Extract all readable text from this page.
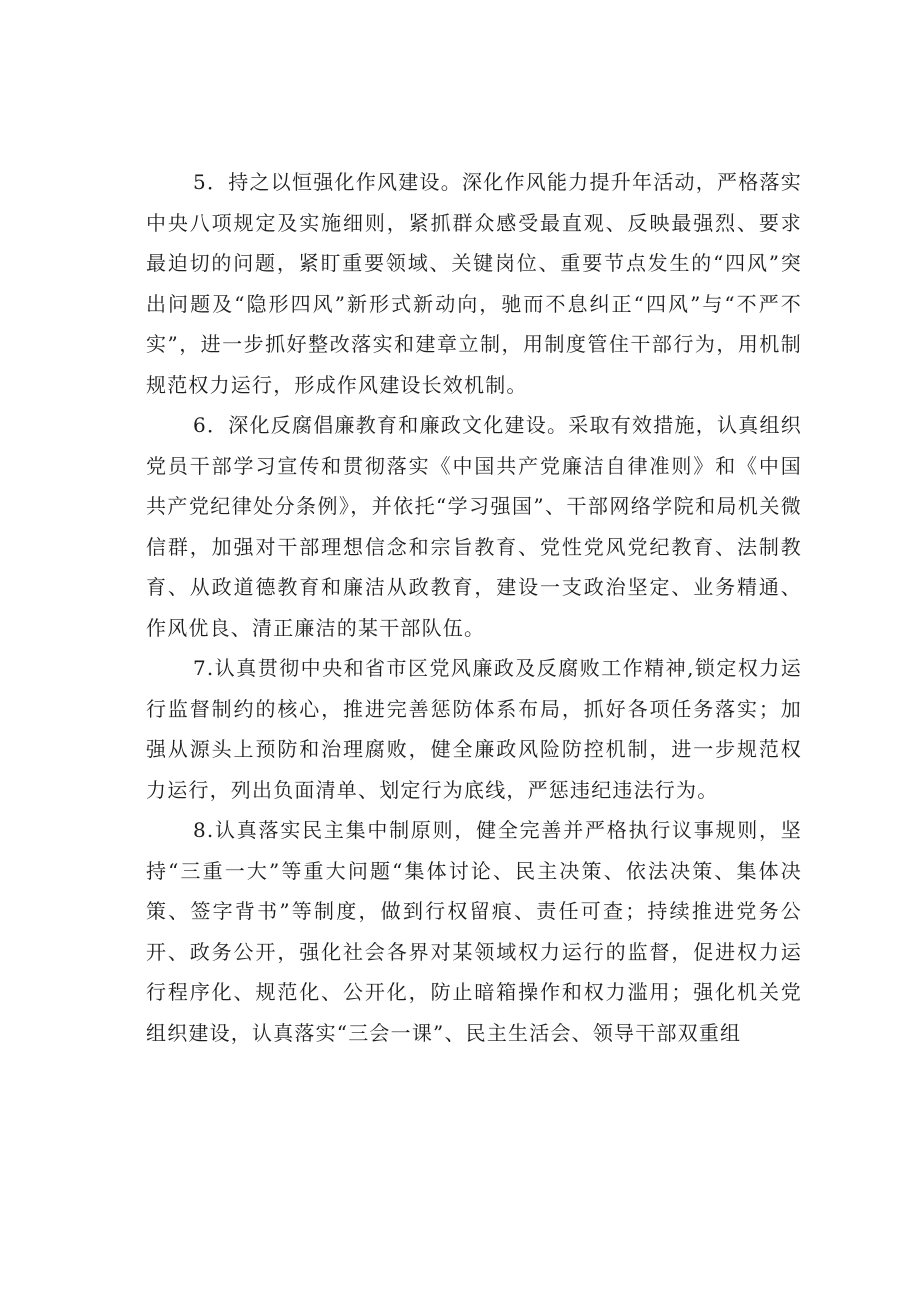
5．持之以恒强化作风建设。深化作风能力提升年活动，严格落实中央八项规定及实施细则，紧抓群众感受最直观、反映最强烈、要求最迫切的问题，紧盯重要领域、关键岗位、重要节点发生的“四风”突出问题及“隐形四风”新形式新动向，驰而不息纠正“四风”与“不严不实”，进一步抓好整改落实和建章立制，用制度管住干部行为，用机制规范权力运行，形成作风建设长效机制。

6．深化反腐倡廉教育和廉政文化建设。采取有效措施，认真组织党员干部学习宣传和贯彻落实《中国共产党廉洁自律准则》和《中国共产党纪律处分条例》，并依托“学习强国”、干部网络学院和局机关微信群，加强对干部理想信念和宗旨教育、党性党风党纪教育、法制教育、从政道德教育和廉洁从政教育，建设一支政治坚定、业务精通、作风优良、清正廉洁的某干部队伍。

7.认真贯彻中央和省市区党风廉政及反腐败工作精神,锁定权力运行监督制约的核心，推进完善惩防体系布局，抓好各项任务落实；加强从源头上预防和治理腐败，健全廉政风险防控机制，进一步规范权力运行，列出负面清单、划定行为底线，严惩违纪违法行为。

8.认真落实民主集中制原则，健全完善并严格执行议事规则，坚持“三重一大”等重大问题“集体讨论、民主决策、依法决策、集体决策、签字背书”等制度，做到行权留痕、责任可查；持续推进党务公开、政务公开，强化社会各界对某领域权力运行的监督，促进权力运行程序化、规范化、公开化，防止暗箱操作和权力滥用；强化机关党组织建设，认真落实“三会一课”、民主生活会、领导干部双重组
